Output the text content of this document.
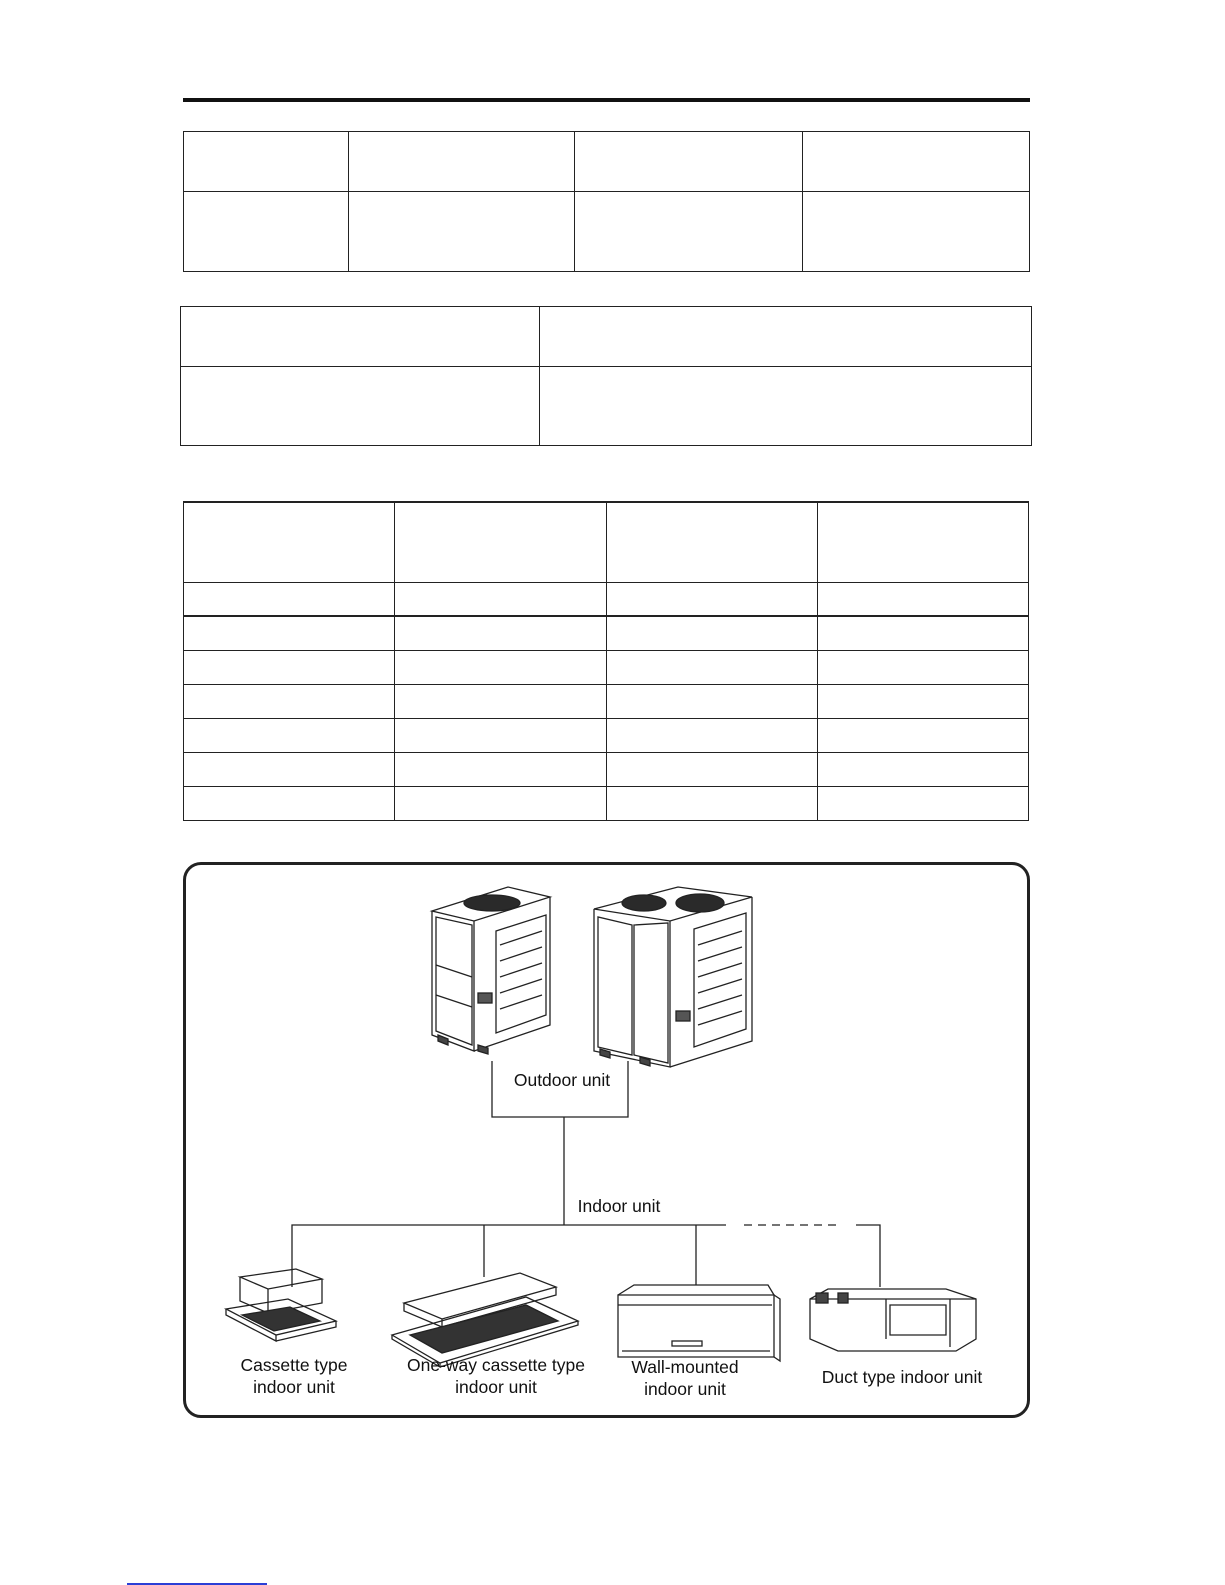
Outdoor unit
Indoor unit
Cassette type
indoor unit
One-way cassette type
indoor unit
Wall-mounted
indoor unit
Duct type indoor unit
